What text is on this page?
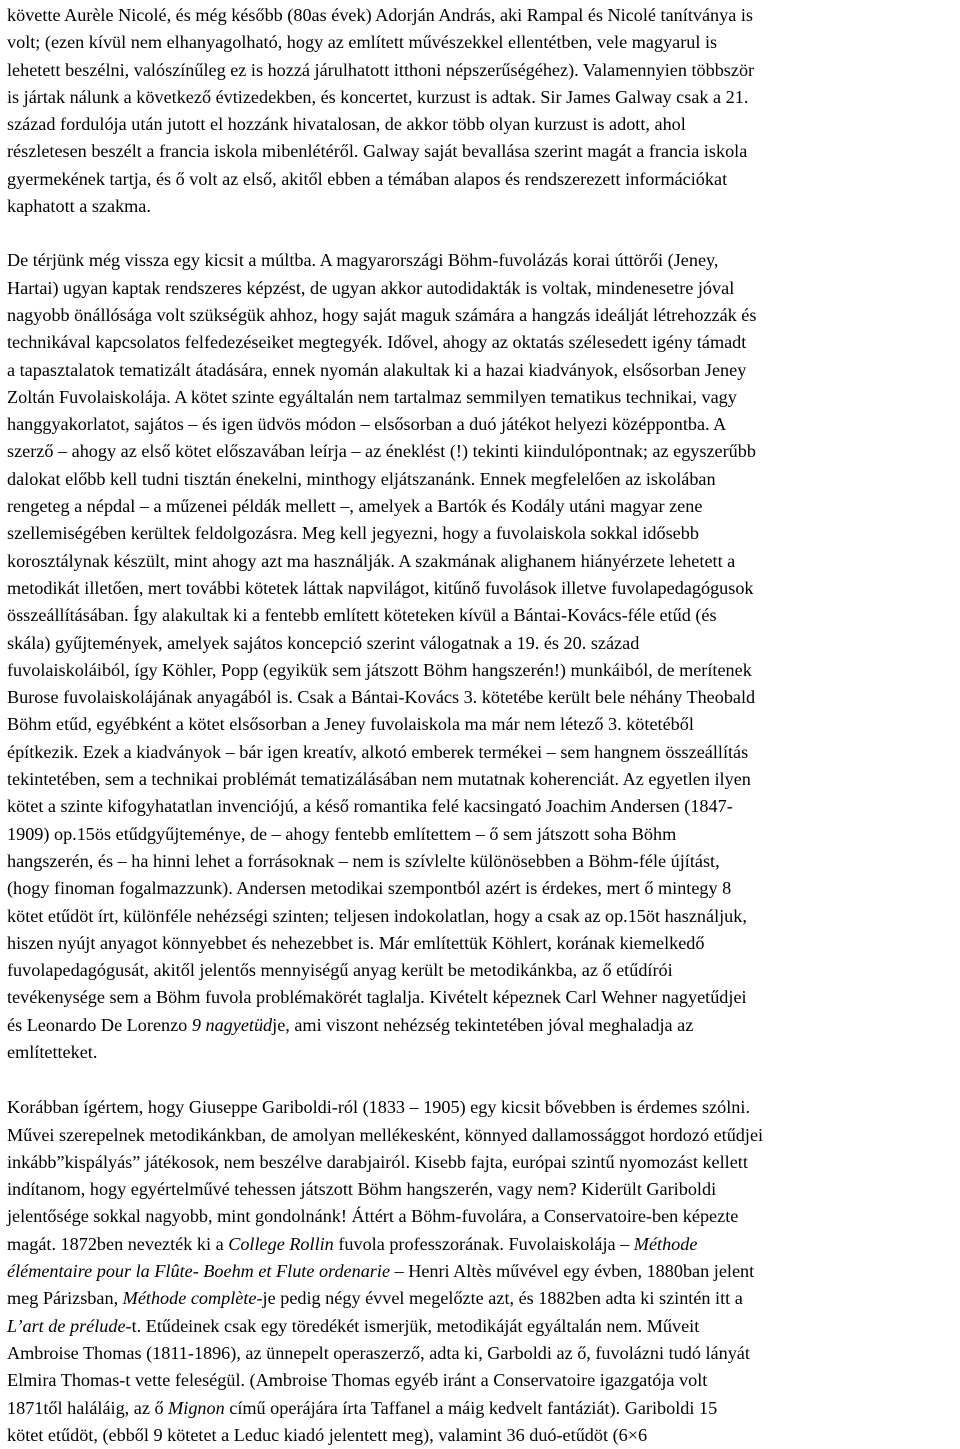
követte Aurèle Nicolé, és még később (80as évek) Adorján András, aki Rampal és Nicolé tanítványa is
volt; (ezen kívül nem elhanyagolható, hogy az említett művészekkel ellentétben, vele magyarul is
lehetett beszélni, valószínűleg ez is hozzá járulhatott itthoni népszerűségéhez). Valamennyien többször
is jártak nálunk a következő évtizedekben, és koncertet, kurzust is adtak. Sir James Galway csak a 21.
század fordulója után jutott el hozzánk hivatalosan, de akkor több olyan kurzust is adott, ahol
részletesen beszélt a francia iskola mibenlétéről. Galway saját bevallása szerint magát a francia iskola
gyermekének tartja, és ő volt az első, akitől ebben a témában alapos és rendszerezett információkat
kaphatott a szakma.

De térjünk még vissza egy kicsit a múltba. A magyarországi Böhm-fuvolázás korai úttörői (Jeney,
Hartai) ugyan kaptak rendszeres képzést, de ugyan akkor autodidakták is voltak, mindenesetre jóval
nagyobb önállósága volt szükségük ahhoz, hogy saját maguk számára a hangzás ideálját létrehozzák és
technikával kapcsolatos felfedezéseiket megtegyék. Idővel, ahogy az oktatás szélesedett igény támadt
a tapasztalatok tematizált átadására, ennek nyomán alakultak ki a hazai kiadványok, elsősorban Jeney
Zoltán Fuvolaiskolája. A kötet szinte egyáltalán nem tartalmaz semmilyen tematikus technikai, vagy
hanggyakorlatot, sajátos – és igen üdvös módon – elsősorban a duó játékot helyezi középpontba. A
szerző – ahogy az első kötet előszavában leírja – az éneklést (!) tekinti kiindulópontnak; az egyszerűbb
dalokat előbb kell tudni tisztán énekelni, minthogy eljátszanánk. Ennek megfelelően az iskolában
rengeteg a népdal – a műzenei példák mellett –, amelyek a Bartók és Kodály utáni magyar zene
szellemiségében kerültek feldolgozásra. Meg kell jegyezni, hogy a fuvolaiskola sokkal idősebb
korosztálynak készült, mint ahogy azt ma használják. A szakmának alighanem hiányérzete lehetett a
metodikát illetően, mert további kötetek láttak napvilágot, kitűnő fuvolások illetve fuvolapedagógusok
összeállításában. Így alakultak ki a fentebb említett köteteken kívül a Bántai-Kovács-féle etűd (és
skála) gyűjtemények, amelyek sajátos koncepció szerint válogatnak a 19. és 20. század
fuvolaiskoláiból, így Köhler, Popp (egyikük sem játszott Böhm hangszerén!) munkáiból, de merítenek
Burose fuvolaiskolájának anyagából is. Csak a Bántai-Kovács 3. kötetébe került bele néhány Theobald
Böhm etűd, egyébként a kötet elsősorban a Jeney fuvolaiskola ma már nem létező 3. kötetéből
építkezik. Ezek a kiadványok – bár igen kreatív, alkotó emberek termékei – sem hangnem összeállítás
tekintetében, sem a technikai problémát tematizálásában nem mutatnak koherenciát. Az egyetlen ilyen
kötet a szinte kifogyhatatlan invenciójú, a késő romantika felé kacsingató Joachim Andersen (1847-
1909) op.15ös etűdgyűjteménye, de – ahogy fentebb említettem – ő sem játszott soha Böhm
hangszerén, és – ha hinni lehet a forrásoknak – nem is szívlelte különösebben a Böhm-féle újítást,
(hogy finoman fogalmazzunk). Andersen metodikai szempontból azért is érdekes, mert ő mintegy 8
kötet etűdöt írt, különféle nehézségi szinten; teljesen indokolatlan, hogy a csak az op.15öt használjuk,
hiszen nyújt anyagot könnyebbet és nehezebbet is. Már említettük Köhlert, korának kiemelkedő
fuvolapedagógusát, akitől jelentős mennyiségű anyag került be metodikánkba, az ő etűdírói
tevékenysége sem a Böhm fuvola problémakörét taglalja. Kivételt képeznek Carl Wehner nagyetűdjei
és Leonardo De Lorenzo 9 nagyetüdje, ami viszont nehézség tekintetében jóval meghaladja az
említetteket.

Korábban ígértem, hogy Giuseppe Gariboldi-ról (1833 – 1905) egy kicsit bővebben is érdemes szólni.
Művei szerepelnek metodikánkban, de amolyan mellékesként, könnyed dallamossággot hordozó etűdjei
inkább”kispályás” játékosok, nem beszélve darabjairól. Kisebb fajta, európai szintű nyomozást kellett
indítanom, hogy egyértelművé tehessen játszott Böhm hangszerén, vagy nem? Kiderült Gariboldi
jelentősége sokkal nagyobb, mint gondolnánk! Áttért a Böhm-fuvolára, a Conservatoire-ben képezte
magát. 1872ben nevezték ki a College Rollin fuvola professzorának. Fuvolaiskolája – Méthode
élémentaire pour la Flûte- Boehm et Flute ordenarie – Henri Altès művével egy évben, 1880ban jelent
meg Párizsban, Méthode complète-je pedig négy évvel megelőzte azt, és 1882ben adta ki szintén itt a
L’art de prélude-t. Etűdeinek csak egy töredékét ismerjük, metodikáját egyáltalán nem. Műveit
Ambroise Thomas (1811-1896), az ünnepelt operaszerző, adta ki, Garboldi az ő, fuvolázni tudó lányát
Elmira Thomas-t vette feleségül. (Ambroise Thomas egyéb iránt a Conservatoire igazgatója volt
1871től haláláig, az ő Mignon című operájára írta Taffanel a máig kedvelt fantáziát). Gariboldi 15
kötet etűdöt, (ebből 9 kötetet a Leduc kiadó jelentett meg), valamint 36 duó-etűdöt (6×6
